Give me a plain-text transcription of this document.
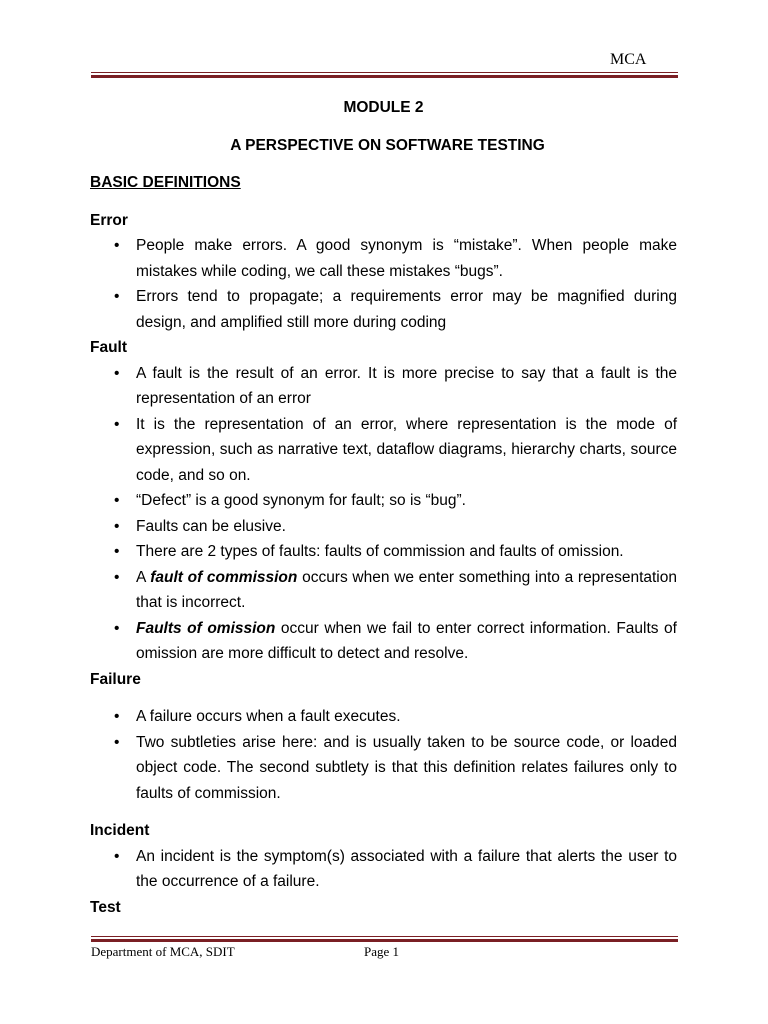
MCA
MODULE 2
A PERSPECTIVE ON SOFTWARE TESTING
BASIC DEFINITIONS
Error
• People make errors. A good synonym is “mistake”. When people make mistakes while coding, we call these mistakes “bugs”.
• Errors tend to propagate; a requirements error may be magnified during design, and amplified still more during coding
Fault
• A fault is the result of an error. It is more precise to say that a fault is the representation of an error
• It is the representation of an error, where representation is the mode of expression, such as narrative text, dataflow diagrams, hierarchy charts, source code, and so on.
• “Defect” is a good synonym for fault; so is “bug”.
• Faults can be elusive.
• There are 2 types of faults: faults of commission and faults of omission.
• A fault of commission occurs when we enter something into a representation that is incorrect.
• Faults of omission occur when we fail to enter correct information. Faults of omission are more difficult to detect and resolve.
Failure
• A failure occurs when a fault executes.
• Two subtleties arise here: and is usually taken to be source code, or loaded object code. The second subtlety is that this definition relates failures only to faults of commission.
Incident
• An incident is the symptom(s) associated with a failure that alerts the user to the occurrence of a failure.
Test
Department of MCA, SDIT	Page 1
